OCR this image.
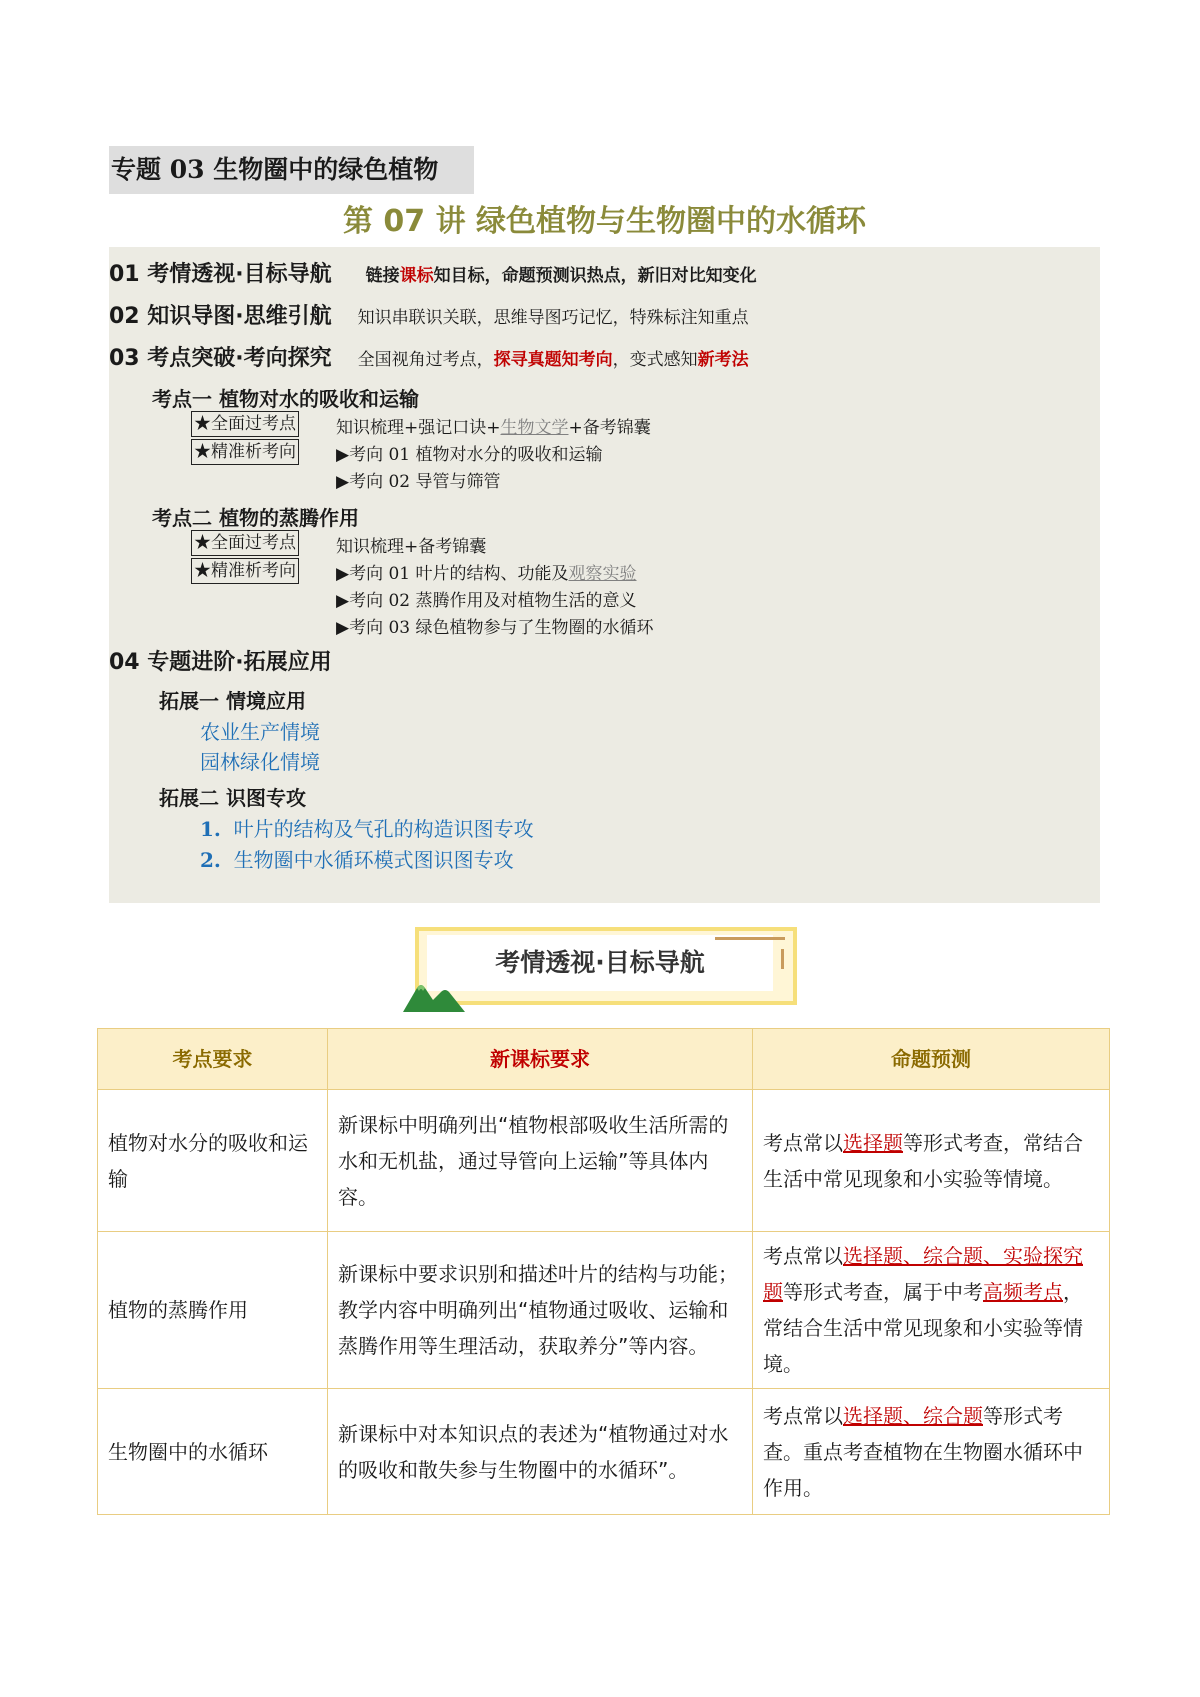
专题 03 生物圈中的绿色植物
第 07 讲 绿色植物与生物圈中的水循环
01 考情透视·目标导航 链接课标知目标，命题预测识热点，新旧对比知变化
02 知识导图·思维引航 知识串联识关联，思维导图巧记忆，特殊标注知重点
03 考点突破·考向探究 全国视角过考点，探寻真题知考向，变式感知新考法
考点一 植物对水的吸收和运输
★全面过考点
★精准析考向
知识梳理+强记口诀+生物文学+备考锦囊
▶考向 01 植物对水分的吸收和运输
▶考向 02 导管与筛管
考点二 植物的蒸腾作用
★全面过考点
★精准析考向
知识梳理+备考锦囊
▶考向 01 叶片的结构、功能及观察实验
▶考向 02 蒸腾作用及对植物生活的意义
▶考向 03 绿色植物参与了生物圈的水循环
04 专题进阶·拓展应用
拓展一 情境应用
农业生产情境
园林绿化情境
拓展二 识图专攻
1. 叶片的结构及气孔的构造识图专攻
2. 生物圈中水循环模式图识图专攻
考情透视·目标导航
考点要求	新课标要求	命题预测
植物对水分的吸收和运输	新课标中明确列出“植物根部吸收生活所需的水和无机盐，通过导管向上运输”等具体内容。	考点常以选择题等形式考查，常结合生活中常见现象和小实验等情境。
植物的蒸腾作用	新课标中要求识别和描述叶片的结构与功能；教学内容中明确列出“植物通过吸收、运输和蒸腾作用等生理活动，获取养分”等内容。	考点常以选择题、综合题、实验探究题等形式考查，属于中考高频考点，常结合生活中常见现象和小实验等情境。
生物圈中的水循环	新课标中对本知识点的表述为“植物通过对水的吸收和散失参与生物圈中的水循环”。	考点常以选择题、综合题等形式考查。重点考查植物在生物圈水循环中作用。
